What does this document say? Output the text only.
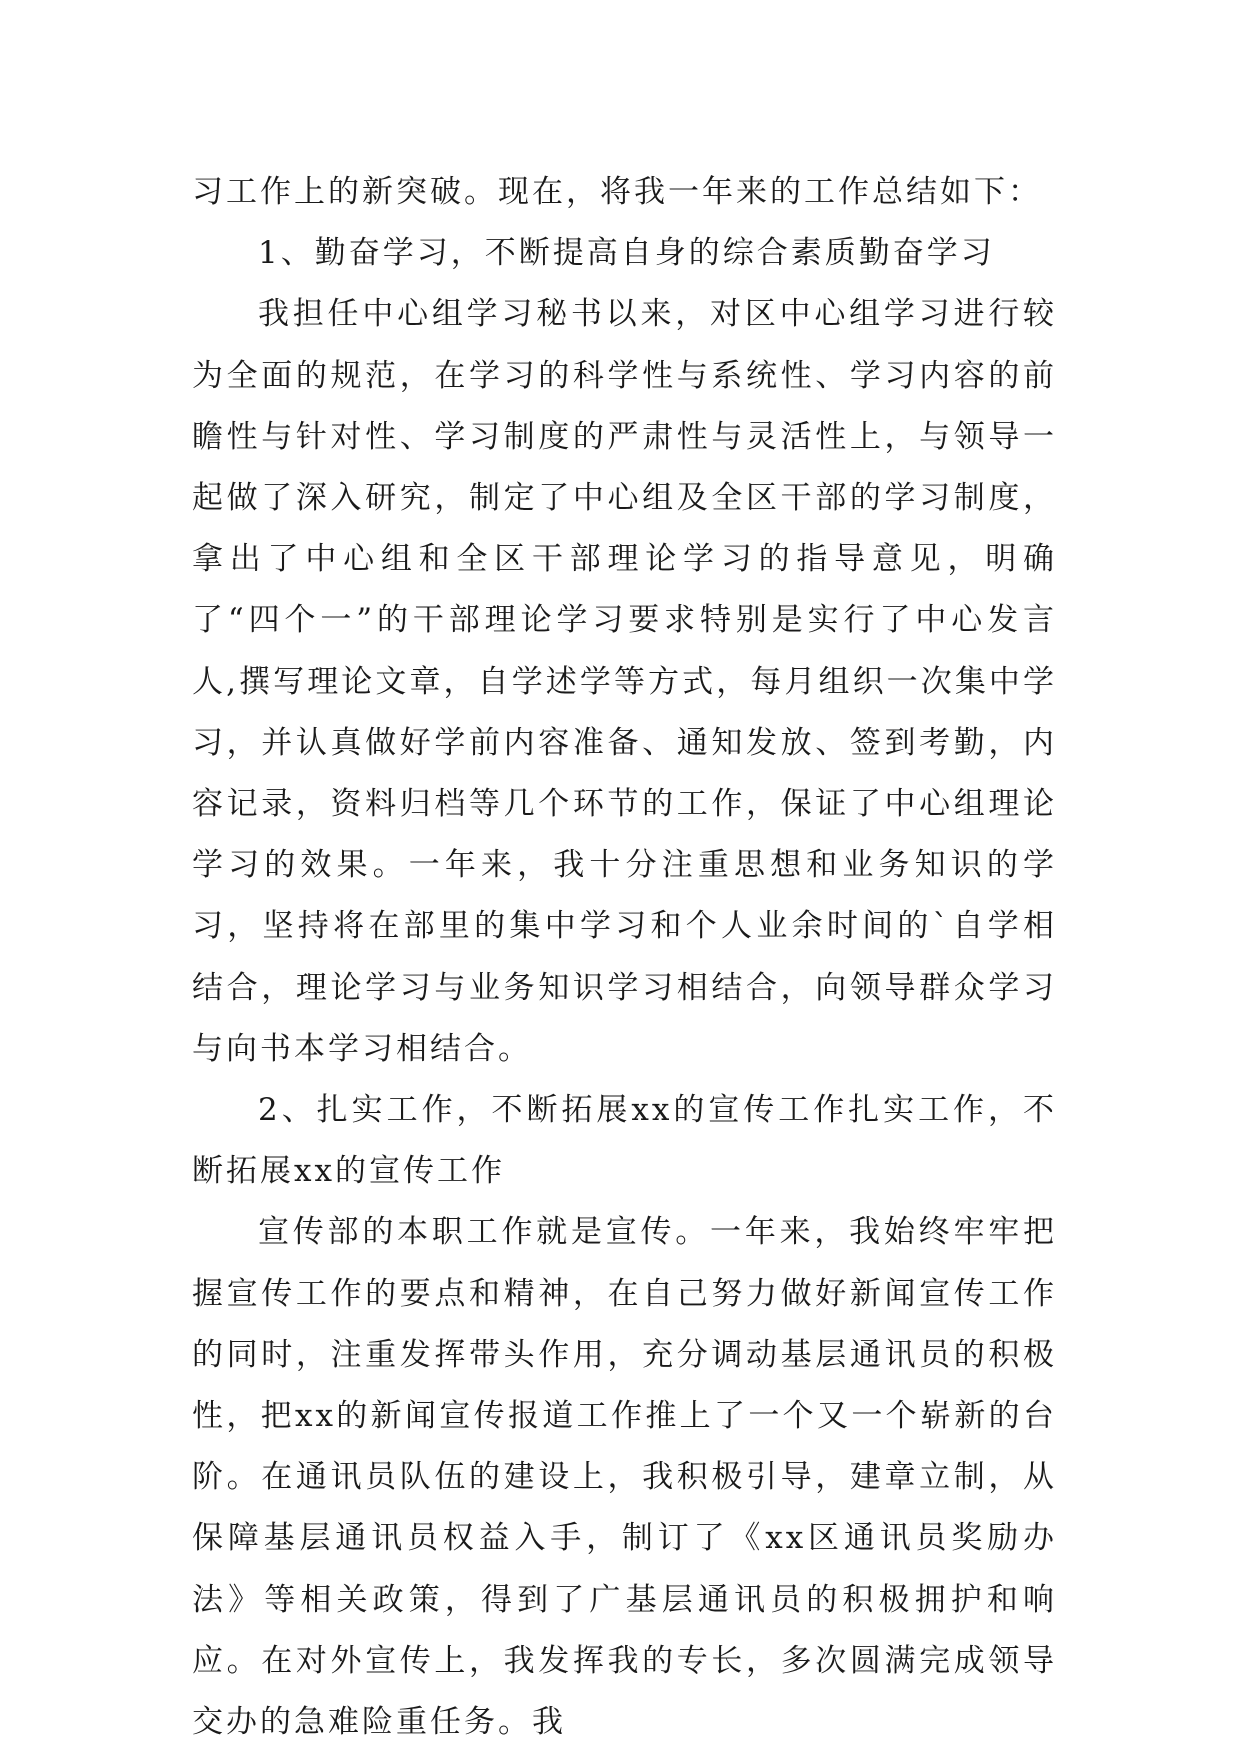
习工作上的新突破。现在，将我一年来的工作总结如下：

1、勤奋学习，不断提高自身的综合素质勤奋学习

我担任中心组学习秘书以来，对区中心组学习进行较为全面的规范，在学习的科学性与系统性、学习内容的前瞻性与针对性、学习制度的严肃性与灵活性上，与领导一起做了深入研究，制定了中心组及全区干部的学习制度，拿出了中心组和全区干部理论学习的指导意见，明确了“四个一”的干部理论学习要求特别是实行了中心发言人,撰写理论文章，自学述学等方式，每月组织一次集中学习，并认真做好学前内容准备、通知发放、签到考勤，内容记录，资料归档等几个环节的工作，保证了中心组理论学习的效果。一年来，我十分注重思想和业务知识的学习，坚持将在部里的集中学习和个人业余时间的`自学相结合，理论学习与业务知识学习相结合，向领导群众学习与向书本学习相结合。

2、扎实工作，不断拓展xx的宣传工作扎实工作，不断拓展xx的宣传工作

宣传部的本职工作就是宣传。一年来，我始终牢牢把握宣传工作的要点和精神，在自己努力做好新闻宣传工作的同时，注重发挥带头作用，充分调动基层通讯员的积极性，把xx的新闻宣传报道工作推上了一个又一个崭新的台阶。在通讯员队伍的建设上，我积极引导，建章立制，从保障基层通讯员权益入手，制订了《xx区通讯员奖励办法》等相关政策，得到了广基层通讯员的积极拥护和响应。在对外宣传上，我发挥我的专长，多次圆满完成领导交办的急难险重任务。我
